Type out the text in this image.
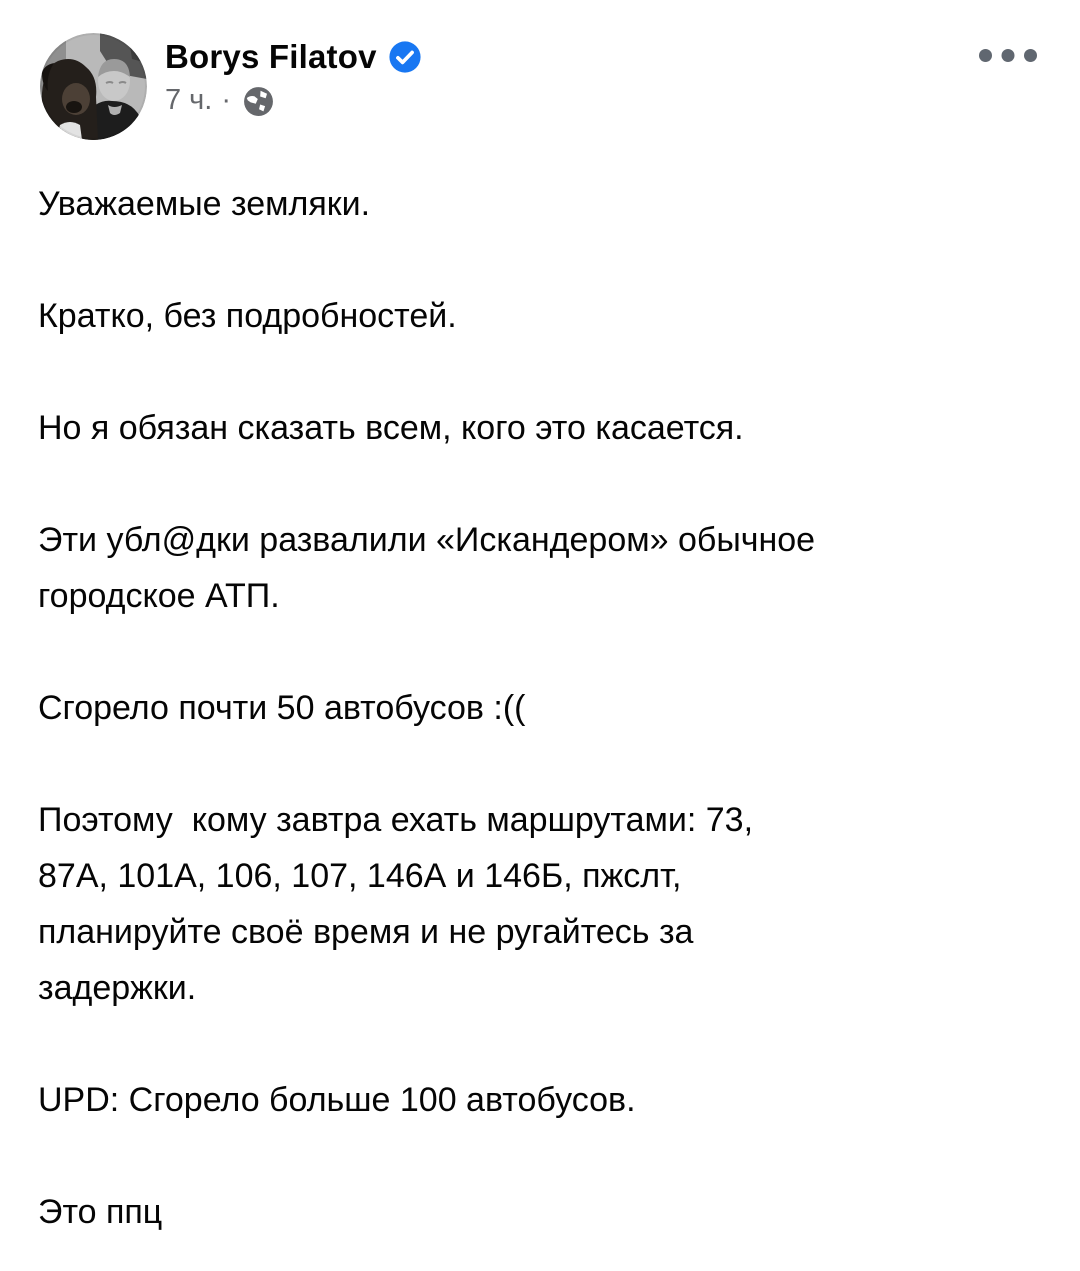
Borys Filatov
7 ч. ·

Уважаемые земляки.

Кратко, без подробностей.

Но я обязан сказать всем, кого это касается.

Эти убл@дки развалили «Искандером» обычное
городское АТП.

Сгорело почти 50 автобусов :((

Поэтому  кому завтра ехать маршрутами: 73,
87А, 101А, 106, 107, 146А и 146Б, пжслт,
планируйте своё время и не ругайтесь за
задержки.

UPD: Сгорело больше 100 автобусов.

Это ппц
